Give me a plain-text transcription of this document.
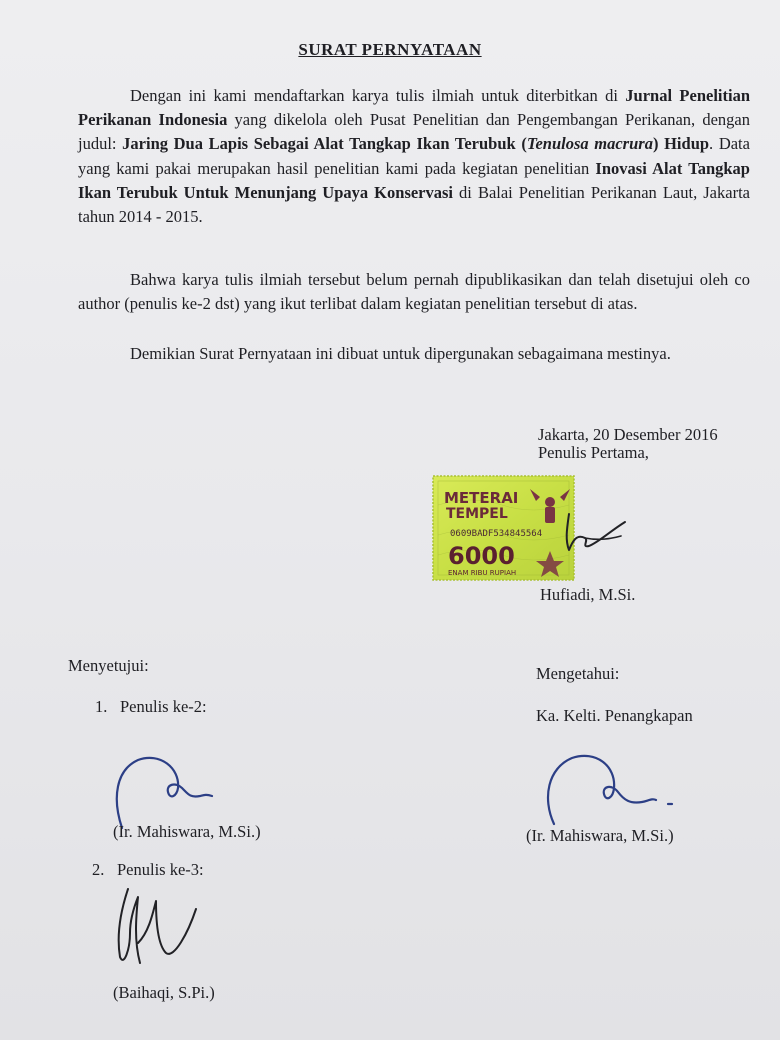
SURAT PERNYATAAN

Dengan ini kami mendaftarkan karya tulis ilmiah untuk diterbitkan di Jurnal Penelitian Perikanan Indonesia yang dikelola oleh Pusat Penelitian dan Pengembangan Perikanan, dengan judul: Jaring Dua Lapis Sebagai Alat Tangkap Ikan Terubuk (Tenulosa macrura) Hidup. Data yang kami pakai merupakan hasil penelitian kami pada kegiatan penelitian Inovasi Alat Tangkap Ikan Terubuk Untuk Menunjang Upaya Konservasi di Balai Penelitian Perikanan Laut, Jakarta tahun 2014 - 2015.

Bahwa karya tulis ilmiah tersebut belum pernah dipublikasikan dan telah disetujui oleh co author (penulis ke-2 dst) yang ikut terlibat dalam kegiatan penelitian tersebut di atas.

Demikian Surat Pernyataan ini dibuat untuk dipergunakan sebagaimana mestinya.

Jakarta, 20 Desember 2016
Penulis Pertama,
METERAI
TEMPEL
0609BADF534845564
6000
ENAM RIBU RUPIAH
Hufiadi, M.Si.
Menyetujui:
1. Penulis ke-2:
(Ir. Mahiswara, M.Si.)
2. Penulis ke-3:
(Baihaqi, S.Pi.)
Mengetahui:
Ka. Kelti. Penangkapan
(Ir. Mahiswara, M.Si.)
